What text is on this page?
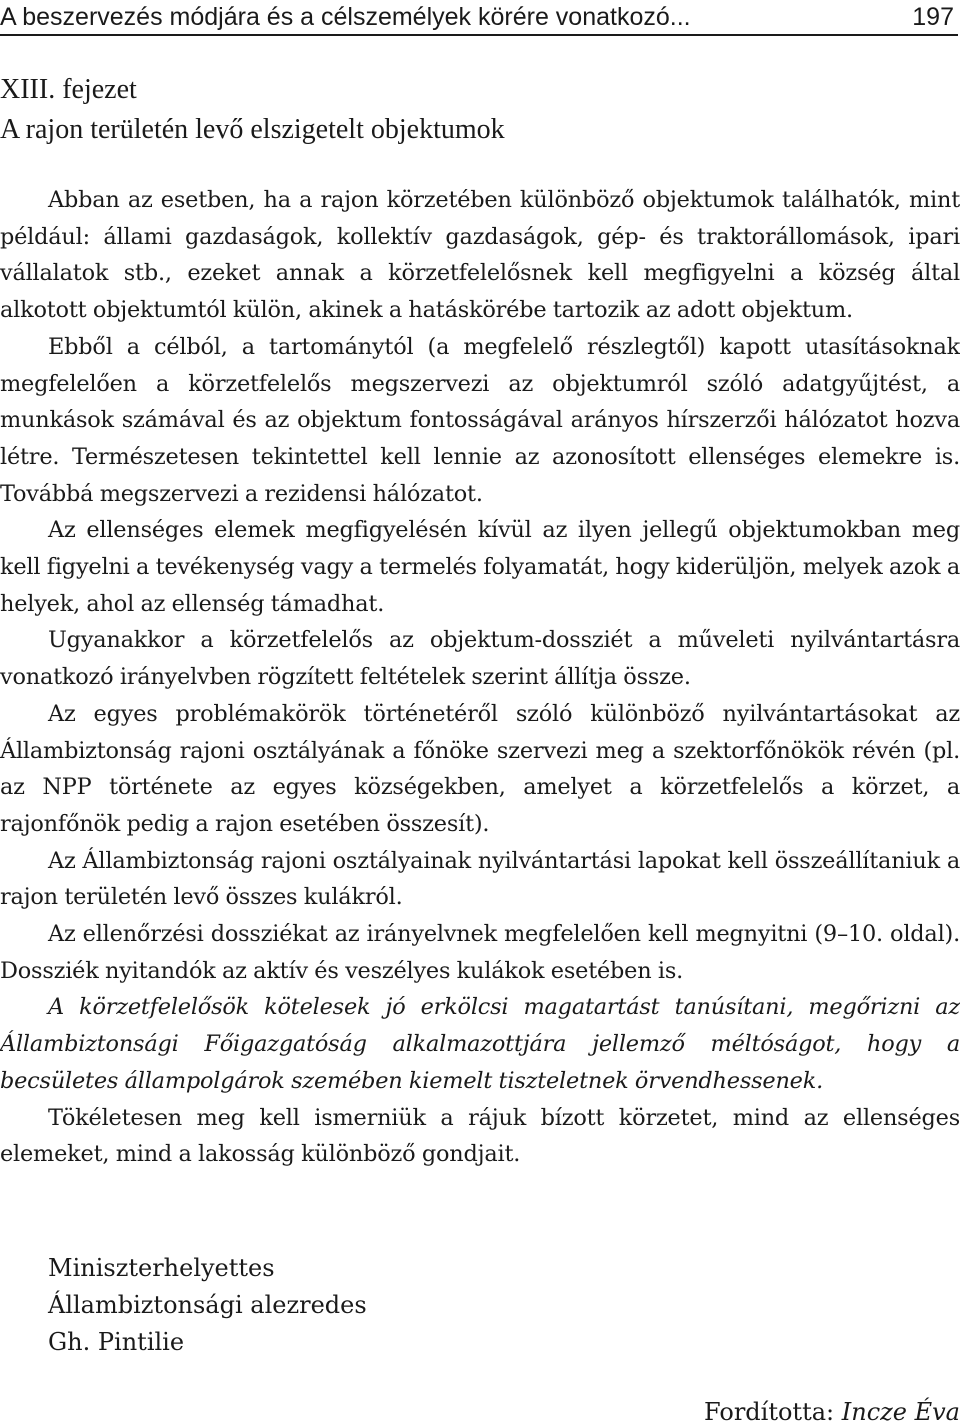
A beszervezés módjára és a célszemélyek körére vonatkozó...	197
XIII. fejezet
A rajon területén levő elszigetelt objektumok

Abban az esetben, ha a rajon körzetében különböző objektumok találhatók, mint például: állami gazdaságok, kollektív gazdaságok, gép- és traktorállomások, ipari vállalatok stb., ezeket annak a körzetfelelősnek kell megfigyelni a község által alkotott objektumtól külön, akinek a hatáskörébe tartozik az adott objektum.

Ebből a célból, a tartománytól (a megfelelő részlegtől) kapott utasításoknak megfelelően a körzetfelelős megszervezi az objektumról szóló adatgyűjtést, a munkások számával és az objektum fontosságával arányos hírszerzői hálózatot hozva létre. Természetesen tekintettel kell lennie az azonosított ellenséges elemekre is. Továbbá megszervezi a rezidensi hálózatot.

Az ellenséges elemek megfigyelésén kívül az ilyen jellegű objektumokban meg kell figyelni a tevékenység vagy a termelés folyamatát, hogy kiderüljön, melyek azok a helyek, ahol az ellenség támadhat.

Ugyanakkor a körzetfelelős az objektum-dossziét a műveleti nyilvántartásra vonatkozó irányelvben rögzített feltételek szerint állítja össze.

Az egyes problémakörök történetéről szóló különböző nyilvántartásokat az Állambiztonság rajoni osztályának a főnöke szervezi meg a szektorfőnökök révén (pl. az NPP története az egyes községekben, amelyet a körzetfelelős a körzet, a rajonfőnök pedig a rajon esetében összesít).

Az Állambiztonság rajoni osztályainak nyilvántartási lapokat kell összeállítaniuk a rajon területén levő összes kulákról.

Az ellenőrzési dossziékat az irányelvnek megfelelően kell megnyitni (9–10. oldal). Dossziék nyitandók az aktív és veszélyes kulákok esetében is.

A körzetfelelősök kötelesek jó erkölcsi magatartást tanúsítani, megőrizni az Állambiztonsági Főigazgatóság alkalmazottjára jellemző méltóságot, hogy a becsületes állampolgárok szemében kiemelt tiszteletnek örvendhessenek.

Tökéletesen meg kell ismerniük a rájuk bízott körzetet, mind az ellenséges elemeket, mind a lakosság különböző gondjait.

Miniszterhelyettes
Állambiztonsági alezredes
Gh. Pintilie
Fordította: Incze Éva
